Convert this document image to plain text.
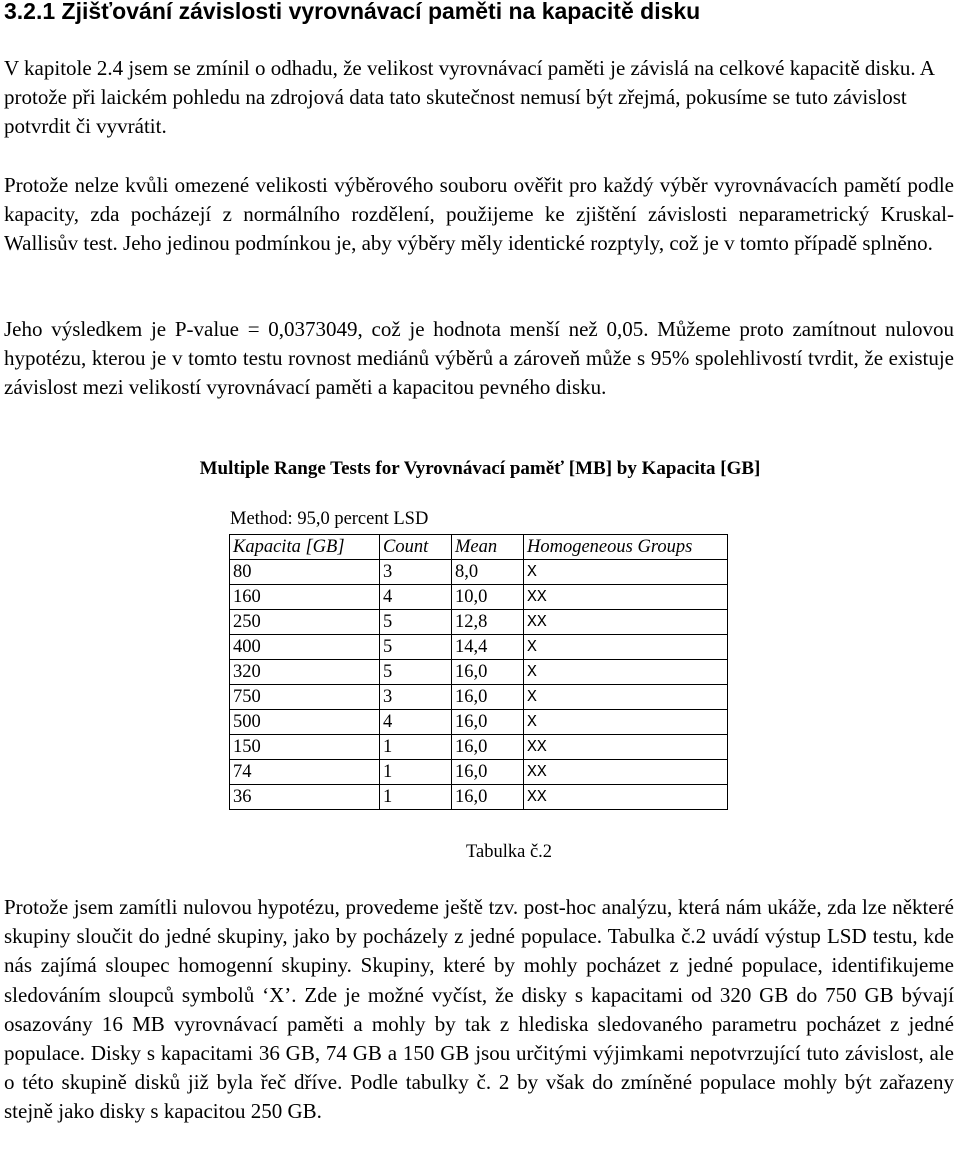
3.2.1 Zjišťování závislosti vyrovnávací paměti na kapacitě disku

V kapitole 2.4 jsem se zmínil o odhadu, že velikost vyrovnávací paměti je závislá na celkové kapacitě disku. A protože při laickém pohledu na zdrojová data tato skutečnost nemusí být zřejmá, pokusíme se tuto závislost potvrdit či vyvrátit.

Protože nelze kvůli omezené velikosti výběrového souboru ověřit pro každý výběr vyrovnávacích pamětí podle kapacity, zda pocházejí z normálního rozdělení, použijeme ke zjištění závislosti neparametrický Kruskal-Wallisův test. Jeho jedinou podmínkou je, aby výběry měly identické rozptyly, což je v tomto případě splněno.

Jeho výsledkem je P-value = 0,0373049, což je hodnota menší než 0,05. Můžeme proto zamítnout nulovou hypotézu, kterou je v tomto testu rovnost mediánů výběrů a zároveň může s 95% spolehlivostí tvrdit, že existuje závislost mezi velikostí vyrovnávací paměti a kapacitou pevného disku.

Multiple Range Tests for Vyrovnávací paměť [MB] by Kapacita [GB]
Method: 95,0 percent LSD
Kapacita [GB]	Count	Mean	Homogeneous Groups
80	3	8,0	X
160	4	10,0	XX
250	5	12,8	XX
400	5	14,4	X
320	5	16,0	X
750	3	16,0	X
500	4	16,0	X
150	1	16,0	XX
74	1	16,0	XX
36	1	16,0	XX
Tabulka č.2

Protože jsem zamítli nulovou hypotézu, provedeme ještě tzv. post-hoc analýzu, která nám ukáže, zda lze některé skupiny sloučit do jedné skupiny, jako by pocházely z jedné populace. Tabulka č.2 uvádí výstup LSD testu, kde nás zajímá sloupec homogenní skupiny. Skupiny, které by mohly pocházet z jedné populace, identifikujeme sledováním sloupců symbolů ‘X’. Zde je možné vyčíst, že disky s kapacitami od 320 GB do 750 GB bývají osazovány 16 MB vyrovnávací paměti a mohly by tak z hlediska sledovaného parametru pocházet z jedné populace. Disky s kapacitami 36 GB, 74 GB a 150 GB jsou určitými výjimkami nepotvrzující tuto závislost, ale o této skupině disků již byla řeč dříve. Podle tabulky č. 2 by však do zmíněné populace mohly být zařazeny stejně jako disky s kapacitou 250 GB.
